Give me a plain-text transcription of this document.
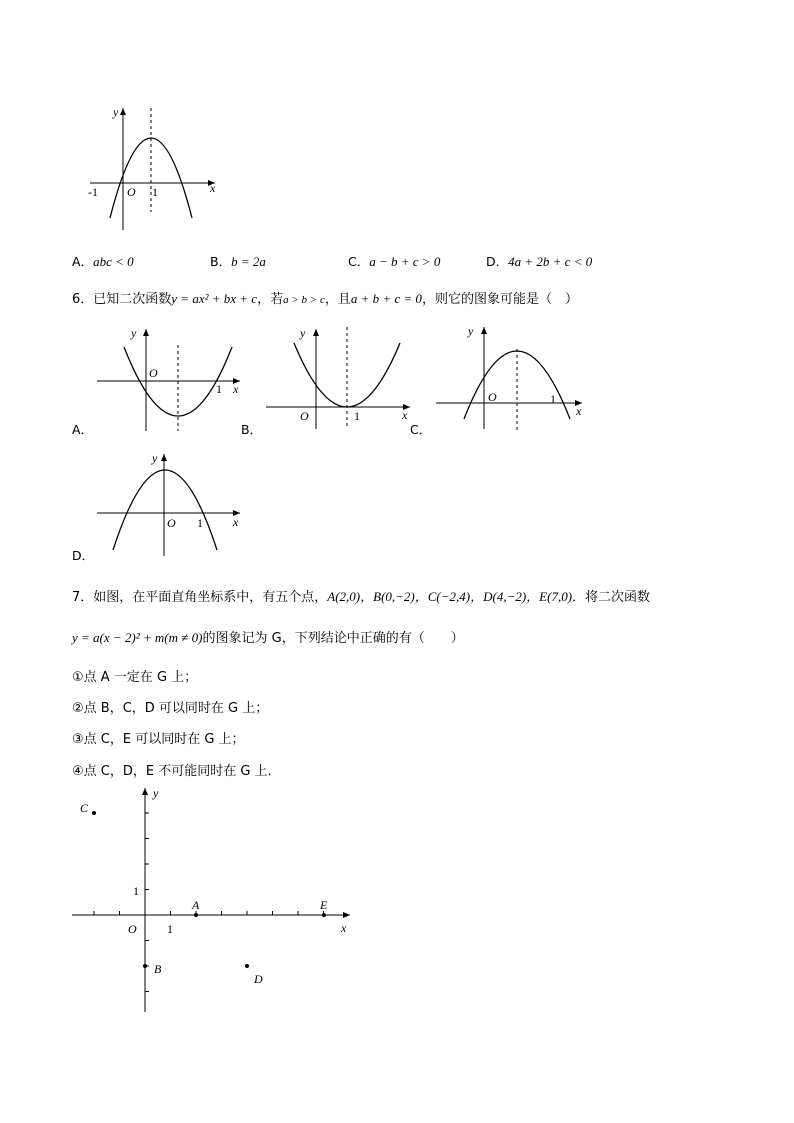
y
x
-1 O 1
A．abc < 0	B．b = 2a	C．a − b + c > 0	D．4a + 2b + c < 0
6．已知二次函数y = ax² + bx + c，若a > b > c，且a + b + c = 0，则它的图象可能是（　）
A．
y
O
1 x
B．
y
O	1	x
C．
y
O	1
x
D．
y
O 1	x
7．如图，在平面直角坐标系中，有五个点，A(2,0)，B(0,−2)，C(−2,4)，D(4,−2)，E(7,0)．将二次函数
y = a(x − 2)² + m(m ≠ 0)的图象记为 G，下列结论中正确的有（　　）
①点 A 一定在 G 上；
②点 B，C，D 可以同时在 G 上；
③点 C，E 可以同时在 G 上；
④点 C，D，E 不可能同时在 G 上．
y
x
O	1
1
A
B
C
D
E
